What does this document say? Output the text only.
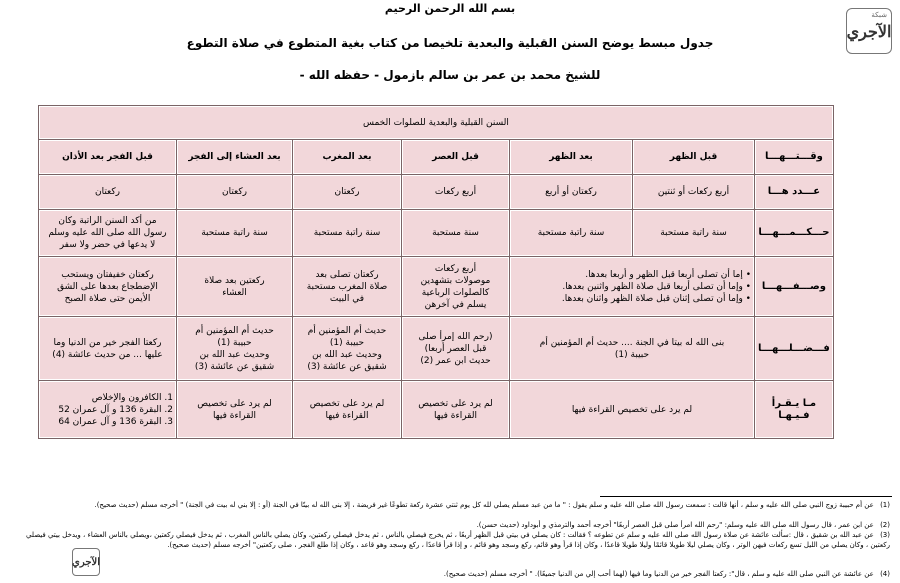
بسم الله الرحمن الرحيم
جدول مبسط يوضح السنن القبلية والبعدية تلخيصا من كتاب بغية المتطوع في صلاة التطوع
للشيخ محمد بن عمر بن سالم بازمول - حفظه الله -
شبكة
الآجري
السنن القبلية والبعدية للصلوات الخمس						
وقـــتـــهـــا	قبل الظهر	بعد الظهر	قبل العصر	بعد المغرب	بعد العشاء إلى الفجر	قبل الفجر بعد الأذان
عـــدد هـــا	أربع ركعات أو ثنتين	ركعتان أو أربع	أربع ركعات	ركعتان	ركعتان	ركعتان
حـــكـــمـــهـــا	سنة راتبة مستحبة	سنة راتبة مستحبة	سنة مستحبة	سنة راتبة مستحبة	سنة راتبة مستحبة	من أكد السنن الراتبة وكان
رسول الله صلى الله عليه وسلم
لا يدعها في حضر ولا سفر
وصـــفـــهـــا	• إما أن تصلى أربعا قبل الظهر و أربعا بعدها.
• وإما أن تصلى أربعا قبل صلاة الظهر واثنين بعدها.
• وإما أن تصلى إثنان قبل صلاة الظهر واثنان بعدها.		أربع ركعات
موصولات بتشهدين
كالصلوات الرباعية
يسلم في آخرهن	ركعتان تصلى بعد
صلاة المغرب مستحبة
في البيت	ركعتين بعد صلاة
العشاء	ركعتان خفيفتان ويستحب
الإضطجاع بعدها على الشق
الأيمن حتى صلاة الصبح
فـــضـــلـــهـــا	بنى الله له بيتا في الجنة .... حديث أم المؤمنين أم
حبيبة (1)		(رحم الله إمرأ صلى
قبل العصر أربعا)
حديث ابن عمر (2)	حديث أم المؤمنين أم
حبيبة (1)
وحديث عبد الله بن
شقيق عن عائشة (3)	حديث أم المؤمنين أم
حبيبة (1)
وحديث عبد الله بن
شقيق عن عائشة (3)	ركعتا الفجر خير من الدنيا وما
عليها ... من حديث عائشة (4)
مـا يـقـرأ فـيـهـا	لم يرد على تخصيص القراءة فيها		لم يرد على تخصيص
القراءة فيها	لم يرد على تخصيص
القراءة فيها	لم يرد على تخصيص
القراءة فيها	1. الكافرون والإخلاص
2. البقرة 136 و آل عمران 52
3. البقرة 136 و آل عمران 64
(1) عن أم حبيبة زوج النبي صلى الله عليه و سلم ، أنها قالت : سمعت رسول الله صلى الله عليه و سلم يقول : " ما من عبد مسلم يصلي لله كل يوم ثنتي عشرة ركعة تطوعًا غير فريضة ، إلا بنى الله له بيتًا في الجنة (أو : إلا بني له بيت في الجنة) " أخرجه مسلم (حديث صحيح).
(2) عن ابن عمر ، قال رسول الله صلى الله عليه وسلم: "رحم الله امرأ صلى قبل العصر أربعًا" أخرجه أحمد والترمذي و أبوداود (حديث حسن).
(3) عن عبد الله بن شقيق ، قال :سألت عائشة عن صلاة رسول الله صلى الله عليه و سلم عن تطوعه ؟ فقالت : كان يصلي في بيتي قبل الظهر أربعًا ، ثم يخرج فيصلي بالناس ، ثم يدخل فيصلي ركعتين، وكان يصلي بالناس المغرب ، ثم يدخل فيصلي ركعتين ،ويصلي بالناس العشاء ، ويدخل بيتي فيصلي ركعتين ، وكان يصلي من الليل تسع ركعات فيهن الوتر ، وكان يصلي ليلا طويلا قائمًا وليلا طويلا قاعدًا ، وكان إذا قرأ وهو قائم، ركع وسجد وهو قائم ، و إذا قرأ قاعدًا ، ركع وسجد وهو قاعد ، وكان إذا طلع الفجر ، صلى ركعتين" أخرجه مسلم (حديث صحيح).
(4) عن عائشة عن النبي صلى الله عليه و سلم ، قال": ركعتا الفجر خير من الدنيا وما فيها (لهما أحب إلي من الدنيا جميعًا). " أخرجه مسلم (حديث صحيح).
الآجري
